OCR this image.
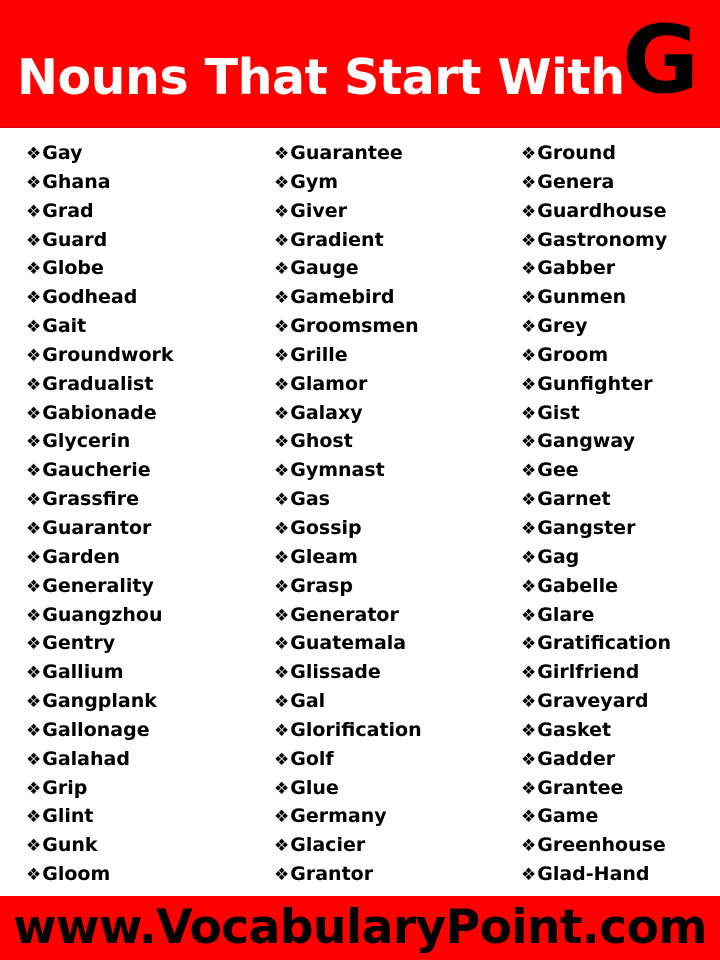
Nouns That Start With
G
❖Gay
❖Ghana
❖Grad
❖Guard
❖Globe
❖Godhead
❖Gait
❖Groundwork
❖Gradualist
❖Gabionade
❖Glycerin
❖Gaucherie
❖Grassfire
❖Guarantor
❖Garden
❖Generality
❖Guangzhou
❖Gentry
❖Gallium
❖Gangplank
❖Gallonage
❖Galahad
❖Grip
❖Glint
❖Gunk
❖Gloom
❖Guarantee
❖Gym
❖Giver
❖Gradient
❖Gauge
❖Gamebird
❖Groomsmen
❖Grille
❖Glamor
❖Galaxy
❖Ghost
❖Gymnast
❖Gas
❖Gossip
❖Gleam
❖Grasp
❖Generator
❖Guatemala
❖Glissade
❖Gal
❖Glorification
❖Golf
❖Glue
❖Germany
❖Glacier
❖Grantor
❖Ground
❖Genera
❖Guardhouse
❖Gastronomy
❖Gabber
❖Gunmen
❖Grey
❖Groom
❖Gunfighter
❖Gist
❖Gangway
❖Gee
❖Garnet
❖Gangster
❖Gag
❖Gabelle
❖Glare
❖Gratification
❖Girlfriend
❖Graveyard
❖Gasket
❖Gadder
❖Grantee
❖Game
❖Greenhouse
❖Glad-Hand
www.VocabularyPoint.com
